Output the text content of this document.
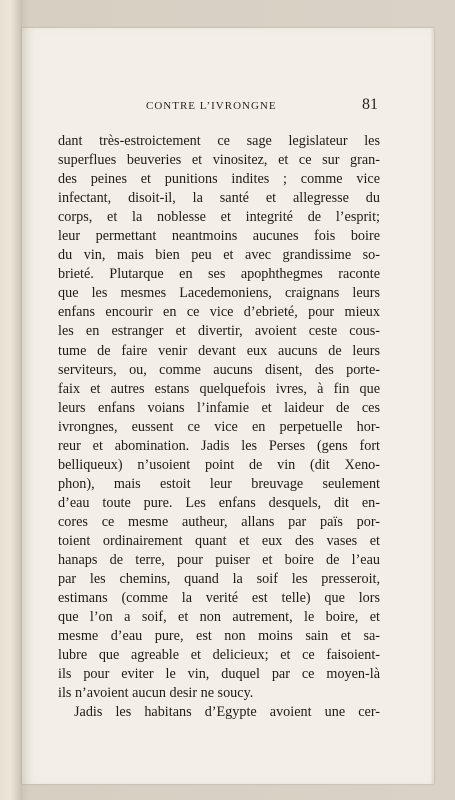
CONTRE L’IVRONGNE	81
dant très-estroictement ce sage legislateur les
superflues beuveries et vinositez, et ce sur gran-
des peines et punitions indites ; comme vice
infectant, disoit-il, la santé et allegresse du
corps, et la noblesse et integrité de l’esprit;
leur permettant neantmoins aucunes fois boire
du vin, mais bien peu et avec grandissime so-
brieté. Plutarque en ses apophthegmes raconte
que les mesmes Lacedemoniens, craignans leurs
enfans encourir en ce vice d’ebrieté, pour mieux
les en estranger et divertir, avoient ceste cous-
tume de faire venir devant eux aucuns de leurs
serviteurs, ou, comme aucuns disent, des porte-
faix et autres estans quelquefois ivres, à fin que
leurs enfans voians l’infamie et laideur de ces
ivrongnes, eussent ce vice en perpetuelle hor-
reur et abomination. Jadis les Perses (gens fort
belliqueux) n’usoient point de vin (dit Xeno-
phon), mais estoit leur breuvage seulement
d’eau toute pure. Les enfans desquels, dit en-
cores ce mesme autheur, allans par païs por-
toient ordinairement quant et eux des vases et
hanaps de terre, pour puiser et boire de l’eau
par les chemins, quand la soif les presseroit,
estimans (comme la verité est telle) que lors
que l’on a soif, et non autrement, le boire, et
mesme d’eau pure, est non moins sain et sa-
lubre que agreable et delicieux; et ce faisoient-
ils pour eviter le vin, duquel par ce moyen-là
ils n’avoient aucun desir ne soucy.
Jadis les habitans d’Egypte avoient une cer-
